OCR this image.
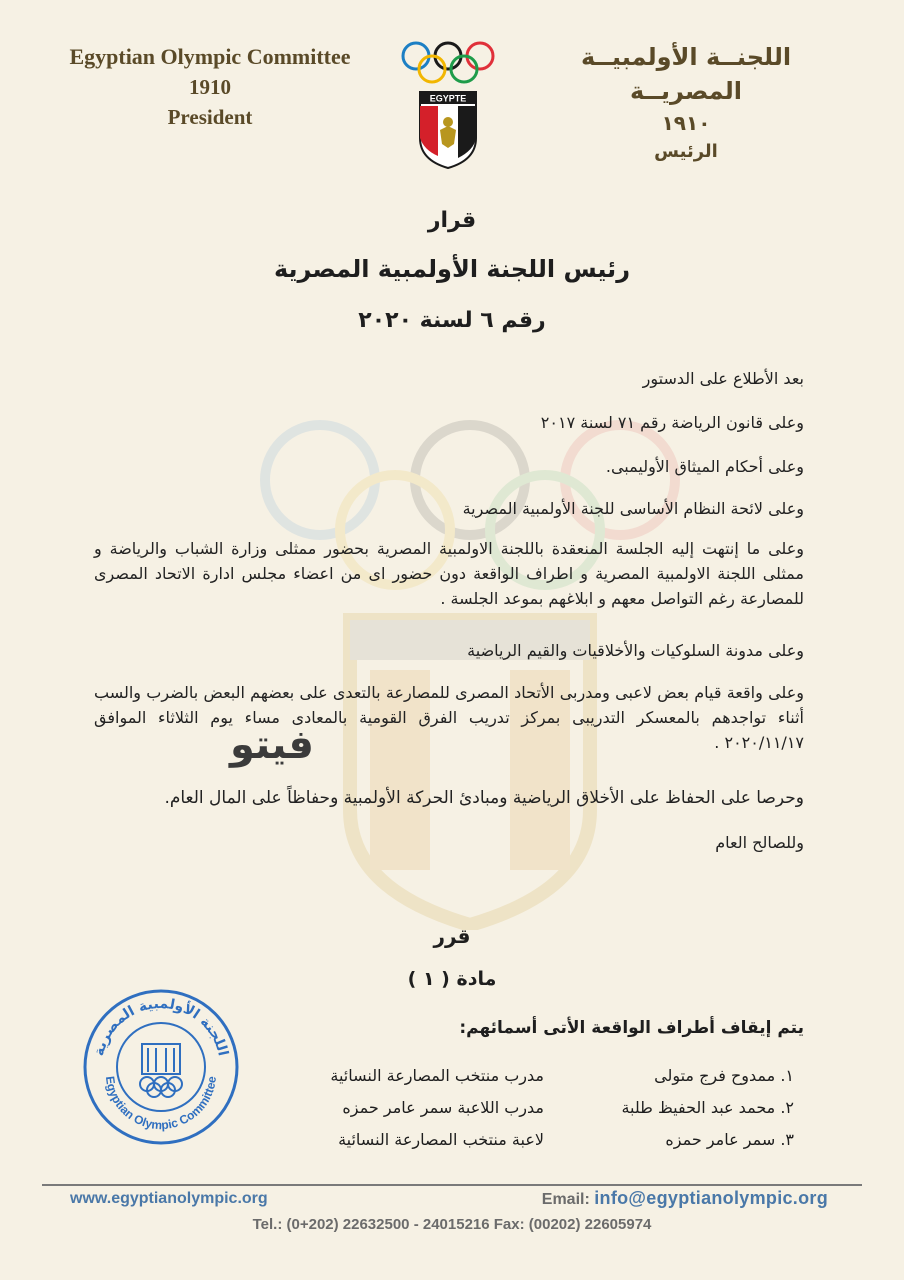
Egyptian Olympic Committee
1910
President
اللجنــة الأولمبيــة المصريــة
١٩١٠
الرئيس
EGYPTE
قرار
رئيس اللجنة الأولمبية المصرية
رقم ٦ لسنة ٢٠٢٠
بعد الأطلاع على الدستور
وعلى قانون الرياضة رقم ٧١ لسنة ٢٠١٧
وعلى أحكام الميثاق الأوليمبى.
وعلى لائحة النظام الأساسى للجنة الأولمبية المصرية
وعلى ما إنتهت إليه الجلسة المنعقدة باللجنة الاولمبية المصرية بحضور ممثلى وزارة الشباب والرياضة و ممثلى اللجنة الاولمبية المصرية و اطراف الواقعة دون حضور اى من اعضاء مجلس ادارة الاتحاد المصرى للمصارعة رغم التواصل معهم و ابلاغهم بموعد الجلسة .
وعلى مدونة السلوكيات والأخلاقيات والقيم الرياضية
وعلى واقعة قيام بعض لاعبى ومدربى الأتحاد المصرى للمصارعة بالتعدى على بعضهم البعض بالضرب والسب أثناء تواجدهم بالمعسكر التدريبى بمركز تدريب الفرق القومية بالمعادى مساء يوم الثلاثاء الموافق ٢٠٢٠/١١/١٧ .
وحرصا على الحفاظ على الأخلاق الرياضية ومبادئ الحركة الأولمبية وحفاظاً على المال العام.
وللصالح العام
فيتو
قرر
مادة ( ١ )
يتم إيقاف أطراف الواقعة الأتى أسمائهم:
١. ممدوح فرج متولى
مدرب منتخب المصارعة النسائية
٢. محمد عبد الحفيظ طلبة
مدرب اللاعبة سمر عامر حمزه
٣. سمر عامر حمزه
لاعبة منتخب المصارعة النسائية
اللجنة الأولمبية المصرية
Egyptian Olympic Committee
www.egyptianolympic.org	Email: info@egyptianolympic.org
Tel.: (0+202) 22632500 - 24015216 Fax: (00202) 22605974
